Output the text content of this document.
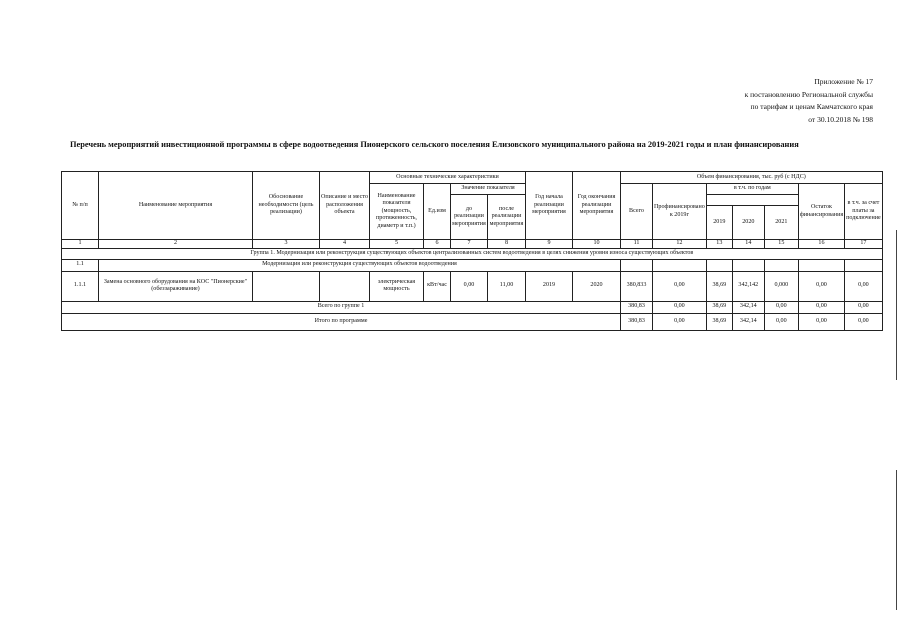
Приложение № 17
к постановлению Региональной службы
по тарифам и ценам Камчатского края
от 30.10.2018 № 198
Перечень мероприятий инвестиционной программы в сфере водоотведения Пионерского сельского поселения Елизовского муниципального района на 2019-2021 годы и план финансирования
№ п/п	Наименование мероприятия	Обоснование необходимости (цель реализации)	Описание и место расположения объекта	Основные технические характеристики				Год начала реализации мероприятия	Год окончания реализации мероприятия	Объем финансирования, тыс. руб (с НДС)						
				Наименование показателя (мощность, протяженность, диаметр и т.п.)	Ед.изм	Значение показателя				Всего	Профинансировано к 2019г	в т.ч. по годам			Остаток финансирования	в т.ч. за счет платы за подключение
						до реализации мероприятия	после реализации мероприятия									
												2019	2020	2021		
1	2	3	4	5	6	7	8	9	10	11	12	13	14	15	16	17
Группа 1. Модернизация или реконструкция существующих объектов централизованных систем водоотведения в целях снижения уровня износа существующих объектов																
1.1	Модернизация или реконструкция существующих объектов водоотведения															
1.1.1	Замена основного оборудования на КОС "Пионерские" (обеззараживание)			электрическая мощность	кВт/час	0,00	11,00	2019	2020	380,833	0,00	38,69	342,142	0,000	0,00	0,00
Всего по группе 1										380,83	0,00	38,69	342,14	0,00	0,00	0,00
Итого по программе										380,83	0,00	38,69	342,14	0,00	0,00	0,00
